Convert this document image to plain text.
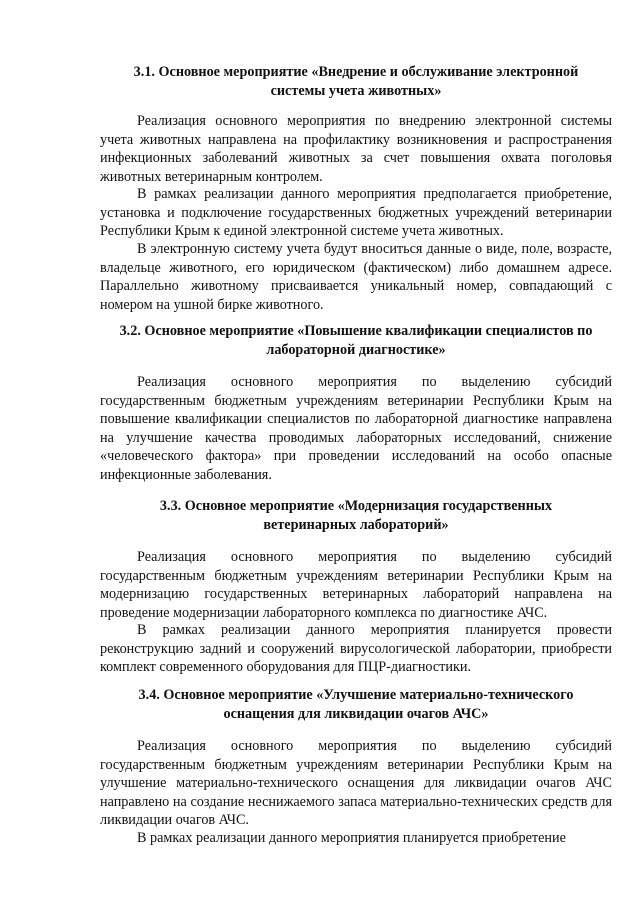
3.1. Основное мероприятие «Внедрение и обслуживание электронной
системы учета животных»

Реализация основного мероприятия по внедрению электронной системы учета животных направлена на профилактику возникновения и распространения инфекционных заболеваний животных за счет повышения охвата поголовья животных ветеринарным контролем.

В рамках реализации данного мероприятия предполагается приобретение, установка и подключение государственных бюджетных учреждений ветеринарии Республики Крым к единой электронной системе учета животных.

В электронную систему учета будут вноситься данные о виде, поле, возрасте, владельце животного, его юридическом (фактическом) либо домашнем адресе. Параллельно животному присваивается уникальный номер, совпадающий с номером на ушной бирке животного.

3.2. Основное мероприятие «Повышение квалификации специалистов по
лабораторной диагностике»

Реализация основного мероприятия по выделению субсидий государственным бюджетным учреждениям ветеринарии Республики Крым на повышение квалификации специалистов по лабораторной диагностике направлена на улучшение качества проводимых лабораторных исследований, снижение «человеческого фактора» при проведении исследований на особо опасные инфекционные заболевания.

3.3. Основное мероприятие «Модернизация государственных
ветеринарных лабораторий»

Реализация основного мероприятия по выделению субсидий государственным бюджетным учреждениям ветеринарии Республики Крым на модернизацию государственных ветеринарных лабораторий направлена на проведение модернизации лабораторного комплекса по диагностике АЧС.

В рамках реализации данного мероприятия планируется провести реконструкцию задний и сооружений вирусологической лаборатории, приобрести комплект современного оборудования для ПЦР-диагностики.

3.4. Основное мероприятие «Улучшение материально-технического
оснащения для ликвидации очагов АЧС»

Реализация основного мероприятия по выделению субсидий государственным бюджетным учреждениям ветеринарии Республики Крым на улучшение материально-технического оснащения для ликвидации очагов АЧС направлено на создание неснижаемого запаса материально-технических средств для ликвидации очагов АЧС.

В рамках реализации данного мероприятия планируется приобретение
